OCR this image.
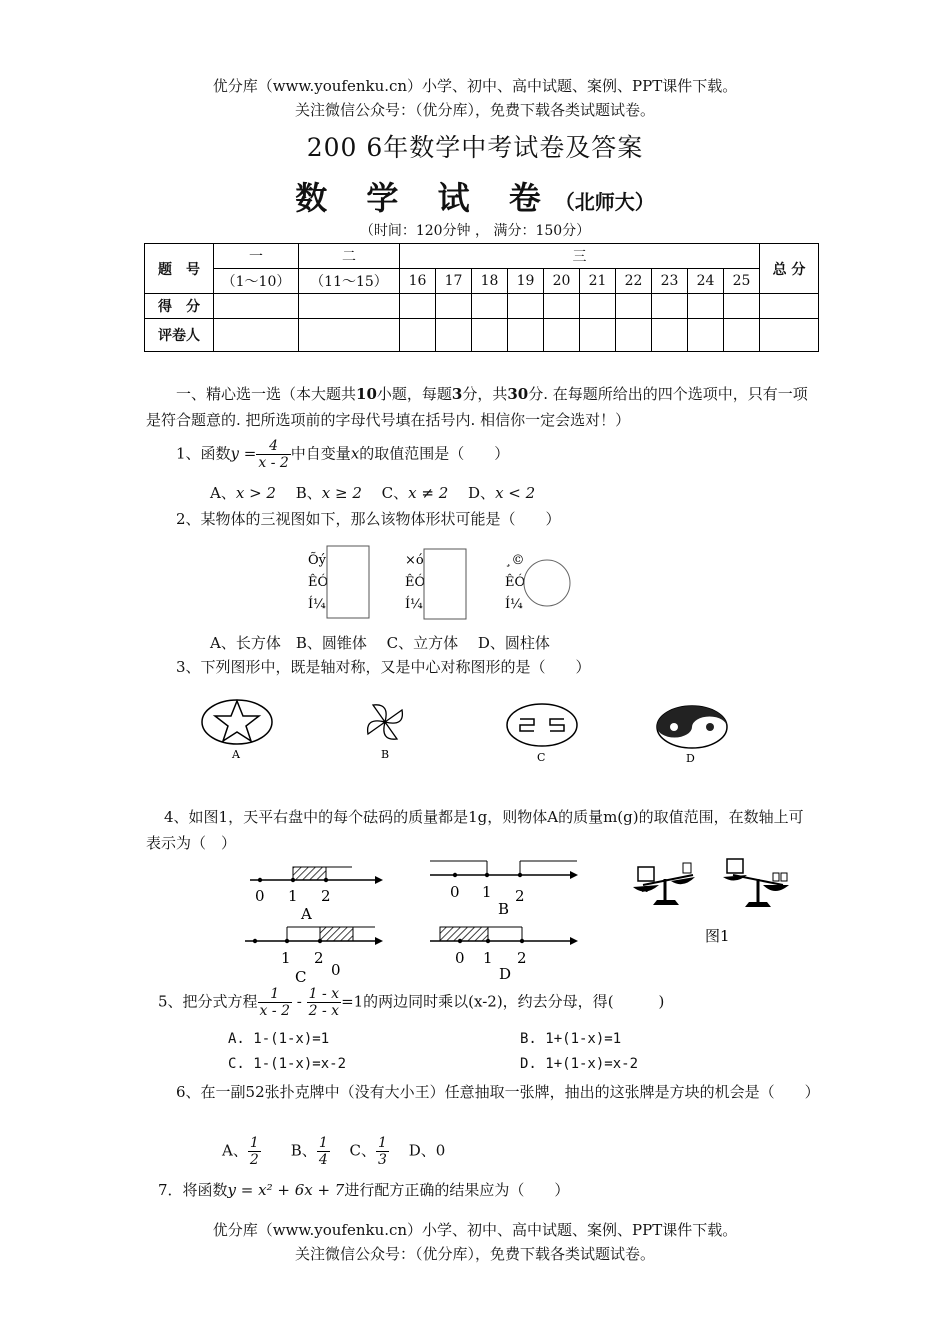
优分库（www.youfenku.cn）小学、初中、高中试题、案例、PPT课件下载。
关注微信公众号：（优分库），免费下载各类试题试卷。
200 6年数学中考试卷及答案
数 学 试 卷（北师大）
（时间：120分钟 ， 满分：150分）
题　号	一	二	三										总 分
	（1～10）	（11～15）	16	17	18	19	20	21	22	23	24	25	
得　分													
评卷人													
一、精心选一选（本大题共10小题，每题3分，共30分. 在每题所给出的四个选项中，只有一项是符合题意的. 把所选项前的字母代号填在括号内. 相信你一定会选对！）
1、函数$y = \frac{4}{x - 2}$ 中自变量x的取值范围是（　　）
A、x > 2　 B、x ≥ 2　 C、x ≠ 2　 D、x < 2
2、某物体的三视图如下，那么该物体形状可能是（　　）
Õý
ÊÓ
Í¼
×ó
ÊÓ
Í¼
¸©
ÊÓ
Í¼
A、长方体　B、圆锥体　 C、立方体　 D、圆柱体
3、下列图形中，既是轴对称，又是中心对称图形的是（　　）
A	B	C	D
4、如图1，天平右盘中的每个砝码的质量都是1g，则物体A的质量m(g)的取值范围，在数轴上可表示为（　）
0 1 2
A
0 1 2
B
1 2
0
C
0 1 2
D
图1
5、把分式方程 $\frac{1}{x - 2} - \frac{1 - x}{2 - x} =1$的两边同时乘以(x-2)，约去分母，得(　　　)
A. 1-(1-x)=1	B. 1+(1-x)=1
C. 1-(1-x)=x-2	D. 1+(1-x)=x-2
6、在一副52张扑克牌中（没有大小王）任意抽取一张牌，抽出的这张牌是方块的机会是（　　）
A、 $\frac{1}{2}$
　　 B、 $\frac{1}{4}$
　 C、 $\frac{1}{3}$
　 D、0
7．将函数y = x² + 6x + 7进行配方正确的结果应为（　　）
优分库（www.youfenku.cn）小学、初中、高中试题、案例、PPT课件下载。
关注微信公众号：（优分库），免费下载各类试题试卷。
